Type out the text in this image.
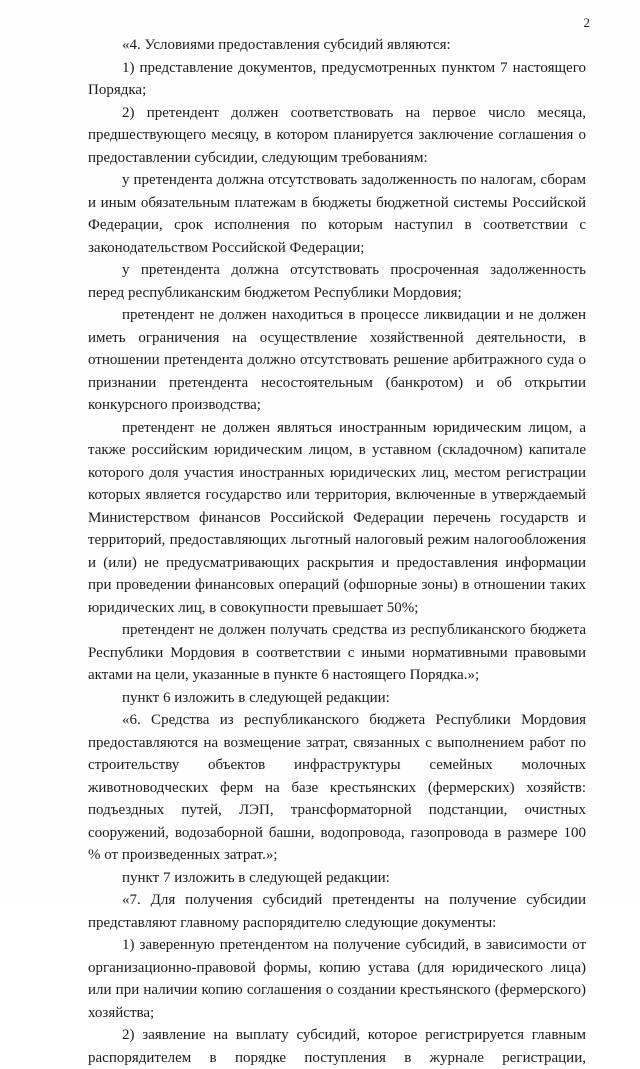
2

«4. Условиями предоставления субсидий являются:

1) представление документов, предусмотренных пунктом 7 настоящего Порядка;

2) претендент должен соответствовать на первое число месяца, предшествующего месяцу, в котором планируется заключение соглашения о предоставлении субсидии, следующим требованиям:

у претендента должна отсутствовать задолженность по налогам, сборам и иным обязательным платежам в бюджеты бюджетной системы Российской Федерации, срок исполнения по которым наступил в соответствии с законодательством Российской Федерации;

у претендента должна отсутствовать просроченная задолженность перед республиканским бюджетом Республики Мордовия;

претендент не должен находиться в процессе ликвидации и не должен иметь ограничения на осуществление хозяйственной деятельности, в отношении претендента должно отсутствовать решение арбитражного суда о признании претендента несостоятельным (банкротом) и об открытии конкурсного производства;

претендент не должен являться иностранным юридическим лицом, а также российским юридическим лицом, в уставном (складочном) капитале которого доля участия иностранных юридических лиц, местом регистрации которых является государство или территория, включенные в утверждаемый Министерством финансов Российской Федерации перечень государств и территорий, предоставляющих льготный налоговый режим налогообложения и (или) не предусматривающих раскрытия и предоставления информации при проведении финансовых операций (офшорные зоны) в отношении таких юридических лиц, в совокупности превышает 50%;

претендент не должен получать средства из республиканского бюджета Республики Мордовия в соответствии с иными нормативными правовыми актами на цели, указанные в пункте 6 настоящего Порядка.»;

пункт 6 изложить в следующей редакции:

«6. Средства из республиканского бюджета Республики Мордовия предоставляются на возмещение затрат, связанных с выполнением работ по строительству объектов инфраструктуры семейных молочных животноводческих ферм на базе крестьянских (фермерских) хозяйств: подъездных путей, ЛЭП, трансформаторной подстанции, очистных сооружений, водозаборной башни, водопровода, газопровода в размере 100 % от произведенных затрат.»;

пункт 7 изложить в следующей редакции:

«7. Для получения субсидий претенденты на получение субсидии представляют главному распорядителю следующие документы:

1) заверенную претендентом на получение субсидий, в зависимости от организационно-правовой формы, копию устава (для юридического лица) или при наличии копию соглашения о создании крестьянского (фермерского) хозяйства;

2) заявление на выплату субсидий, которое регистрируется главным распорядителем в порядке поступления в журнале регистрации,
